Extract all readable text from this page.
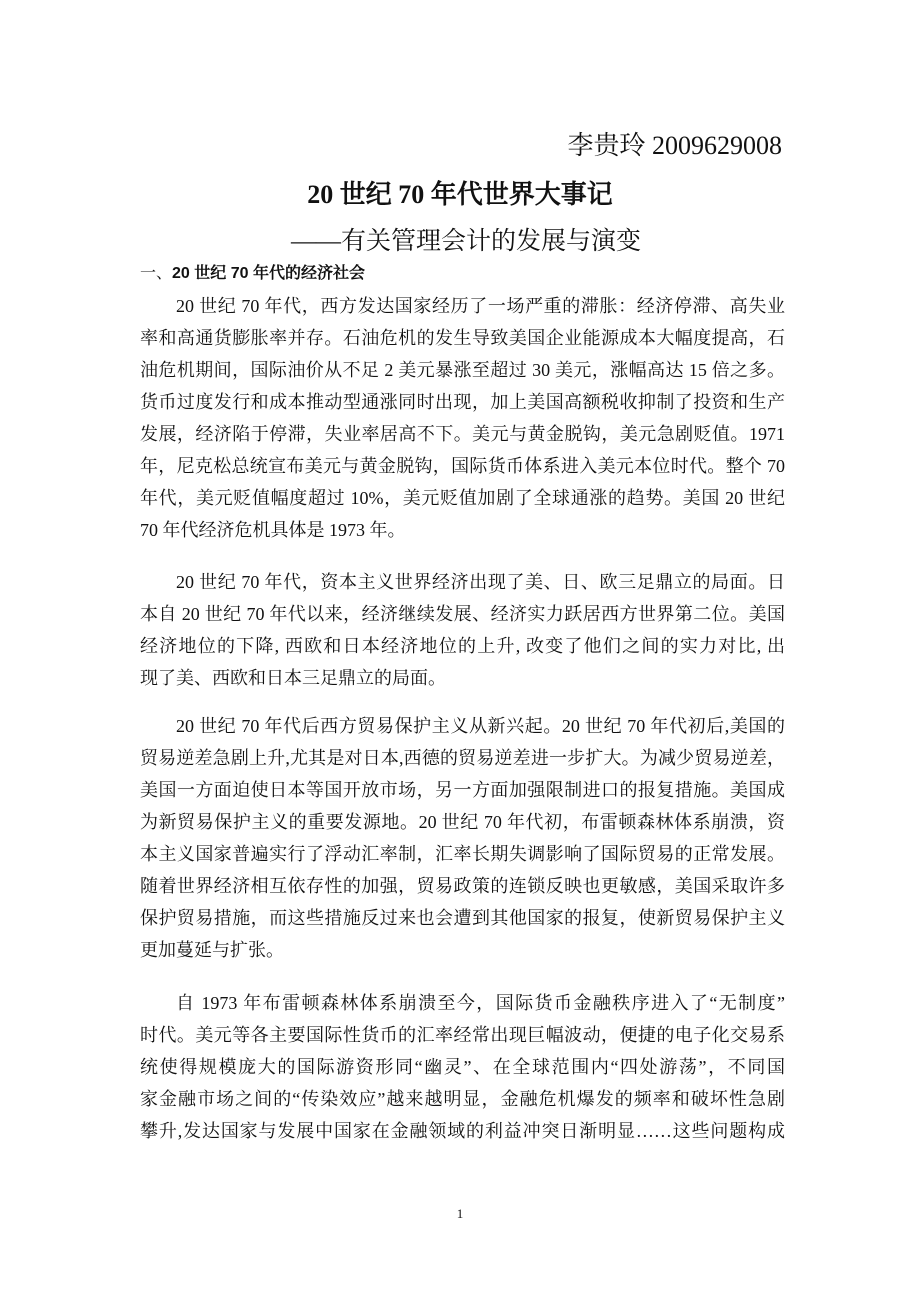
李贵玲 2009629008
20 世纪 70 年代世界大事记
——有关管理会计的发展与演变
一、20 世纪 70 年代的经济社会
20 世纪 70 年代，西方发达国家经历了一场严重的滞胀：经济停滞、高失业
率和高通货膨胀率并存。石油危机的发生导致美国企业能源成本大幅度提高，石
油危机期间，国际油价从不足 2 美元暴涨至超过 30 美元，涨幅高达 15 倍之多。
货币过度发行和成本推动型通涨同时出现，加上美国高额税收抑制了投资和生产
发展，经济陷于停滞，失业率居高不下。美元与黄金脱钩，美元急剧贬值。1971
年，尼克松总统宣布美元与黄金脱钩，国际货币体系进入美元本位时代。整个 70
年代，美元贬值幅度超过 10%，美元贬值加剧了全球通涨的趋势。美国 20 世纪
70 年代经济危机具体是 1973 年。
20 世纪 70 年代，资本主义世界经济出现了美、日、欧三足鼎立的局面。日
本自 20 世纪 70 年代以来，经济继续发展、经济实力跃居西方世界第二位。美国
经济地位的下降, 西欧和日本经济地位的上升, 改变了他们之间的实力对比, 出
现了美、西欧和日本三足鼎立的局面。
20 世纪 70 年代后西方贸易保护主义从新兴起。20 世纪 70 年代初后,美国的
贸易逆差急剧上升,尤其是对日本,西德的贸易逆差进一步扩大。为减少贸易逆差，
美国一方面迫使日本等国开放市场，另一方面加强限制进口的报复措施。美国成
为新贸易保护主义的重要发源地。20 世纪 70 年代初，布雷顿森林体系崩溃，资
本主义国家普遍实行了浮动汇率制，汇率长期失调影响了国际贸易的正常发展。
随着世界经济相互依存性的加强，贸易政策的连锁反映也更敏感，美国采取许多
保护贸易措施，而这些措施反过来也会遭到其他国家的报复，使新贸易保护主义
更加蔓延与扩张。
自 1973 年布雷顿森林体系崩溃至今，国际货币金融秩序进入了“无制度”
时代。美元等各主要国际性货币的汇率经常出现巨幅波动，便捷的电子化交易系
统使得规模庞大的国际游资形同“幽灵”、在全球范围内“四处游荡”，不同国
家金融市场之间的“传染效应”越来越明显，金融危机爆发的频率和破坏性急剧
攀升,发达国家与发展中国家在金融领域的利益冲突日渐明显……这些问题构成
1
